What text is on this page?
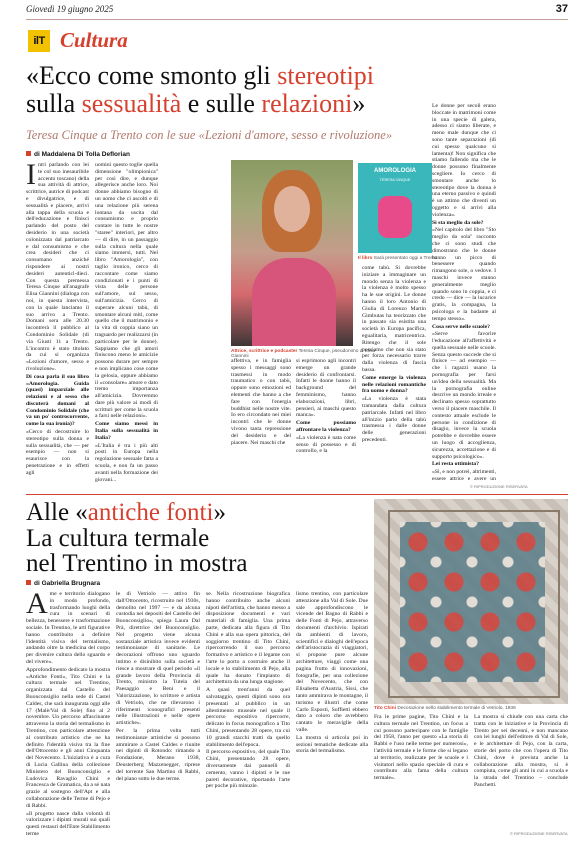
Giovedì 19 giugno 2025	37
ilT Cultura
«Ecco come smonto gli stereotipi sulla sessualità e sulle relazioni»
Teresa Cinque a Trento con le sue «Lezioni d'amore, sesso e rivoluzione»
di Maddalena Di Tolla Deflorian
I ntri parlando con lei te col suo inesauribile accento toscano) della sua attività di attrice, scrittrice, autrice di podcast e divulgatrice, e di sessualità e piacere, arrivi alla tappa della scuola e dell'educazione e finisci parlando del posto del desiderio in una società colonizzata dal patriarcato e dal consumismo e che crea desideri che ci consumano anziché rispondere ai nostri desideri autentici-dieci. Con questa premessa Teresa Cinque all'anagrafe Elisa Giannini (dialoga con noi, in questa intervista, con la quale lanciamo il suo arrivo a Trento. Domani sera alle 20.30 incontrerà il pubblico al Condominio Solidale (di via Giusti 11 a Trento. L'incontro è stato titolato da cui si organizza «Lezioni d'amore, sesso e rivoluzione».

Di cosa parla il suo libro «Amorologia. Guida (quasi) imparziale alle relazioni e al sesso che discuterà domani al Condominio Solidale (che va un po' controcorrente, come la sua ironia)?

«Cerco di decostruire lo stereotipo sulla donna e sulla sessualità, che — per esempio — non si esaurisce con la penetrazione e in effetti agli

uomini questo toglie quella dimensione "olimpionica" per così dire, e dunque allegerisce anche loro. Noi donne abbiamo bisogno di un uomo che ci ascolti e di una relazione più serena lontana da uscita dal consumismo e proprio contare in tutte le nostre "staree" interiori, per altro — di dire, in un passaggio sulla cultura nella quale siamo immersi, tutti. Nel libro "Amorologia", con taglio ironico, cerco di raccontare come siamo condizionati e i punti di vista delle persone sull'amore, sul sesso, sull'amicizia. Cerco di superare alcuni tabù, di smontare alcuni miti, come quello che il matrimonio e la vita di coppia siano un traguardo per realizzarsi (in particolare per le donne). Sappiamo che gli amori finiscono meno le amicizie possono durare per sempre e non implicano cose come la gelosia, oppure abbiamo il «consolare» amore e dato tremo importanza all'amicizia. Dovremmo dare più valore ai modi di scritturi per come la scuola a farsi nelle relazioni».

Come siamo messi in Italia sulla sessualità in Italia?

«L'Italia è tra i più alti posti in Europa nella regolazione sessuale fatta a scuola, e non fa un passo avanti nella formazione dei giovani...

Attrice, scrittrice e podcaster Teresa Cinque, pseudonimo di Elisa Giannini
AMOROLOGIA
TERESA CINQUE
Il libro Sarà presentato oggi a Trento

affettiva, e in famiglia spesso i messaggi sono trasmessi in modo traumatico o con tabù, oppure sono emozioni ed elementi che hanno a che fare con l'energia buddhist nelle nostre vite. Io ero circondato nei miei incontri che le donne vivono tanta repressione del desiderio e del piacere. Nei maschi che

si esprimono agli incontri emerge un grande desiderio di confrontarsi. Infatti le donne hanno il background del femminismo, hanno elaborazioni, libri, pensieri, ai maschi questo manca».

Come possiamo affrontare la violenza?

«La violenza è nata come senso di possesso e di controllo, e la

come tabù. Si dovrebbe iniziare a immaginare un mondo senza la violenza e la violenza è molto spesso ha le sue origini. Le donne hanno il loro Antonio di Giulia di Lorenzo Martin Gimbutas ha teorizzato che in passato sia esistita una società in Europa pacifica, egualitaria, matricentrica. Ritengo che il sole possiamo che non sia stato per forza necessario trarre dalla violenza di fascia bassa.

Come emerge la violenza nelle relazioni romantiche fra uomo e donna?

«La violenza è stata tramandata dalla cultura patriarcale. Infatti nel libro all'inizio parlo della tabù trasmessa i dalle donne delle generazioni precedenti.

Le donne per secoli erano bloccate in matrimoni come in una specie di galera, adesso ci siamo liberate, e meno male dunque che ci sono tante separazioni (di cui spesso qualcuno si lamenta)! Non significa che stiamo fallendo ma che le donne possono finalmente scegliere. Io cerco di smontare anche lo stereotipo dove la donna è una eterno passivo e quindi è un attimo che diventi un oggetto e si arrivi alla violenza».

Si sta meglio da sole?

«Nel capitolo del libro "Sto meglio da sola" racconto che ci sono studi che dimostrano che le donne hanno un picco di benessere quando rimangono sole, o vedove. I maschi invece stanno generalmente meglio quando sono in coppia, e ci credo — dice — la lucarice gratis, la compagna, la psicologa e la badante al tempo stesso».

Cosa serve nelle scuole?

«Serve favorire l'educazione all'affettività e quella sessuale nelle scuole. Senza questo succede che si finisce — ad esempio — che i ragazzi usano la pornografia per farsi un'idea della sessualità. Ma la pornografia online descrive un mondo irreale e declinato spesso soprattutto verso il piacere maschile. Il contesto attuale esclude le persone in condizione di disagio, invece la scuola potrebbe e dovrebbe essere un luogo di accoglienza, sicurezza, accettazione e di supporto psicologico».

Lei resta ottimista?

«Sì, e non potrei, altrimenti, essere attrice e avere un

© RIPRODUZIONE RISERVATA
Alle «antiche fonti»
La cultura termale
nel Trentino in mostra
di Gabriella Brugnara
A me e territorio dialogano in modo profondo, trasformando luoghi della cura in scenari di bellezza, benessere e trasformazione sociale. In Trentino, le arti figurative hanno contribuito a definire l'identità visiva del termalismo, andando oltre la medicina del corpo per divenire cultura dello sguardo e del vivere».

Approfondimento dedicato la mostra «Antiche Fonti», Tito Chini e la cultura termale nel Trentino, organizzata dal Castello del Buonconsiglio nella sede di Castel Caldes, che sarà inaugurata oggi alle 17 (Malè/Val di Sole) fino al 2 novembre. Un percorso affascinante attraverso la storia del termalismo in Trentino, con particolare attenzione al contributo artistico che ne ha definito l'identità visiva tra la fine dell'Ottocento e gli anni Cinquanta del Novecento. L'iniziativa è a cura di Lucia Gallina della collezione Ministero del Buonconsiglio e Ludovica Ravaglio Chini e Francesca de Gramatica, da a sé nata grazie al sostegno dell'Apt e alla collaborazione delle Terme di Pejo e di Rabbi.

«Il progetto nasce dalla volontà di valorizzare i dipinti murali sui quali questi restauri dell'Ente Stabilimento terme

le di Vetriolo — attivo fin dall'Ottocento, ricostruito nel 1930s, demolito nel 1997 — e da alcuna custodia nei depositi del Castello del Buonconsiglio», spiega Laura Dal Prà, direttrice del Buonconsiglio. Nel progetto viene alcuna sostanziale artistica invece evidenti testimonianze di sanitarie. Le decorazioni offrono uno sguardo intimo e disinibito sulla società e riesce a mostrare di quel periodo «il grande lavoro della Provincia di Trento, ministro la Tutela del Paesaggio e Beni e il Valorizzazione, lo scrittore e artista di Vetriolo, che ne rilevarono i riferimenti iconografici presenti nelle illustrazioni e nelle opere artistiche».

Per la prima volta tutti testimonianze artistiche si possono ammirare a Castel Caldes e riunite nei dipinti di Rotondo: rimando a Fondazione, Merano 1938, Deusterberg Mazzenegger, riprese del torrente San Martino di Rabbi, del piano sotto le due terme.

se. Nella ricostruzione biografica hanno contribuito anche alcuni nipoti dell'artista, che hanno messo a disposizione documenti e vari materiali di famiglia. Una prima parte, dedicata alla figura di Tito Chini e alla sua opera pittorica, del soggiorno trentino di Tito Chini, ripercorrendo il suo percorso formativo e artistico e il legame con l'arte lo porto a costruire anche il locale e lo stabilimento di Pejo, alla quale ha donato l'impianto di architettura da una lunga stagione.

A quasi trent'anni da quel salvataggio, questi dipinti sono ora presentati al pubblico in un allestimento museale nel quale il percorso espositivo ripercorre, delicato in focus monografico a Tito Chini, presentando 28 opere, tra cui 10 grandi stacchi tratti da quello stabilimento dell'epoca.

Il percorso espositivo, del quale Tito Chini, presentando 28 opere, diversamente dai pannelli di cemento, vanno i dipinti e le sue pareti decorative, riportando l'arte per poche più minuzie.

Tito Chini Decorazione nello stabilimento termale di Vetriolo, 1936

lismo trentino, con particolare attenzione alla Val di Sole. Due sale approfondiscono le vicende del Bagno di Rabbi e delle Fonti di Pejo, attraverso documenti d'archivio. Ispirati da ambienti di lavoro, scientifici e dialoghi dell'epoca dell'aristocrazia di viaggiatori, si propone pure alcune architetture, viaggi come una pagina frutto di innovazioni, fotografie, per una collezione del Novecento, che con Elisabetta d'Austria, Sissi, che tanto ammirava le montagne, il turismo e illustri che come Carlo Esposti, Soffietti ebbero dato a coloro che avrebbero cantato le meraviglie della valle.

La mostra si articola poi in sezioni tematiche dedicate alla storia del termalismo.

Fra le prime pagine, Tito Chini e la cultura termale nel Trentino, un focus a cui possono partecipare con le famiglie del 1958, l'anno per questo «La storia di Rabbi e l'uso nelle terme per numerosi», l'attività termale e le forme che si legano al territorio, realizzate per le scuole e i visitatori nello spazio speciale di cura e contributo alla fama della cultura termale».

La mostra si chiude con una carta che tratta con le iniziative e la Provincia di Trento per sei decenni, e non mancano con lei lunghi dell'editore di Val di Sole, e le architetture di Pejo, con la carta, storie dei porto che con l'opera di Tito Chini, dove è prevista anche la collaborazione alla mostra, si è compiuta, come gli anni in cui a scuola e la strada del Trentino – conclude Panchetti.

© RIPRODUZIONE RISERVATA
